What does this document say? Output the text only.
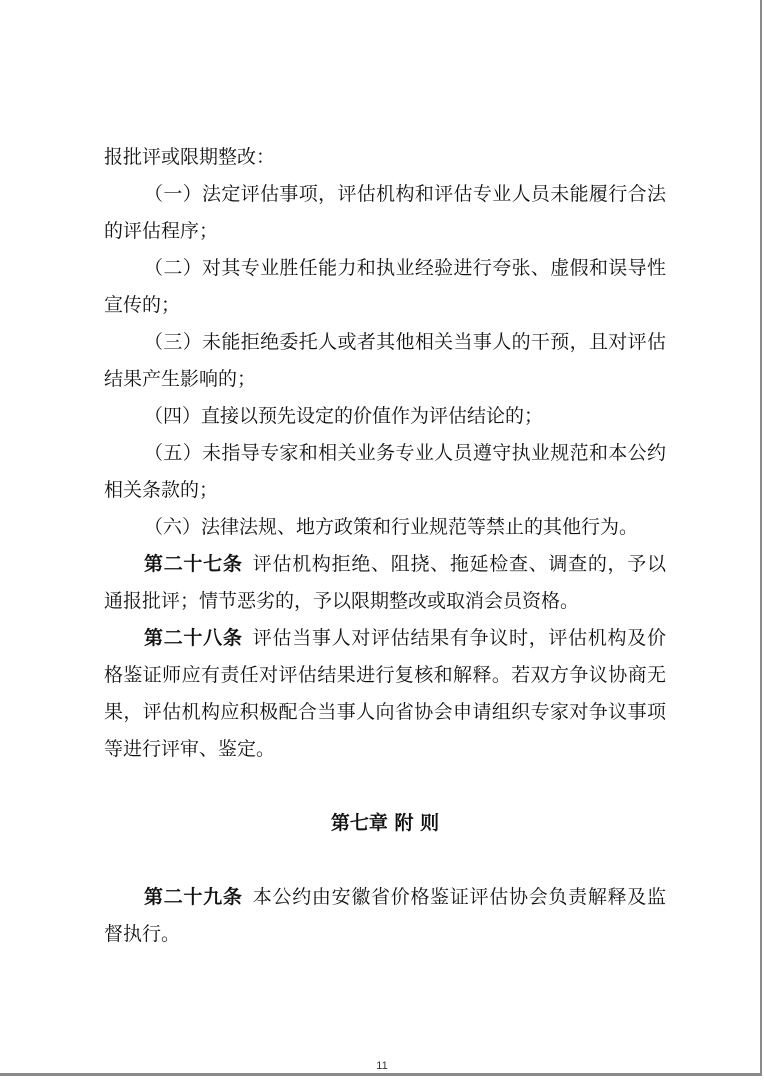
报批评或限期整改：

（一）法定评估事项，评估机构和评估专业人员未能履行合法的评估程序；

（二）对其专业胜任能力和执业经验进行夸张、虚假和误导性宣传的；

（三）未能拒绝委托人或者其他相关当事人的干预，且对评估结果产生影响的；

（四）直接以预先设定的价值作为评估结论的；

（五）未指导专家和相关业务专业人员遵守执业规范和本公约相关条款的；

（六）法律法规、地方政策和行业规范等禁止的其他行为。

第二十七条  评估机构拒绝、阻挠、拖延检查、调查的，予以通报批评；情节恶劣的，予以限期整改或取消会员资格。

第二十八条  评估当事人对评估结果有争议时，评估机构及价格鉴证师应有责任对评估结果进行复核和解释。若双方争议协商无果，评估机构应积极配合当事人向省协会申请组织专家对争议事项等进行评审、鉴定。

第七章 附 则

第二十九条  本公约由安徽省价格鉴证评估协会负责解释及监督执行。

11
